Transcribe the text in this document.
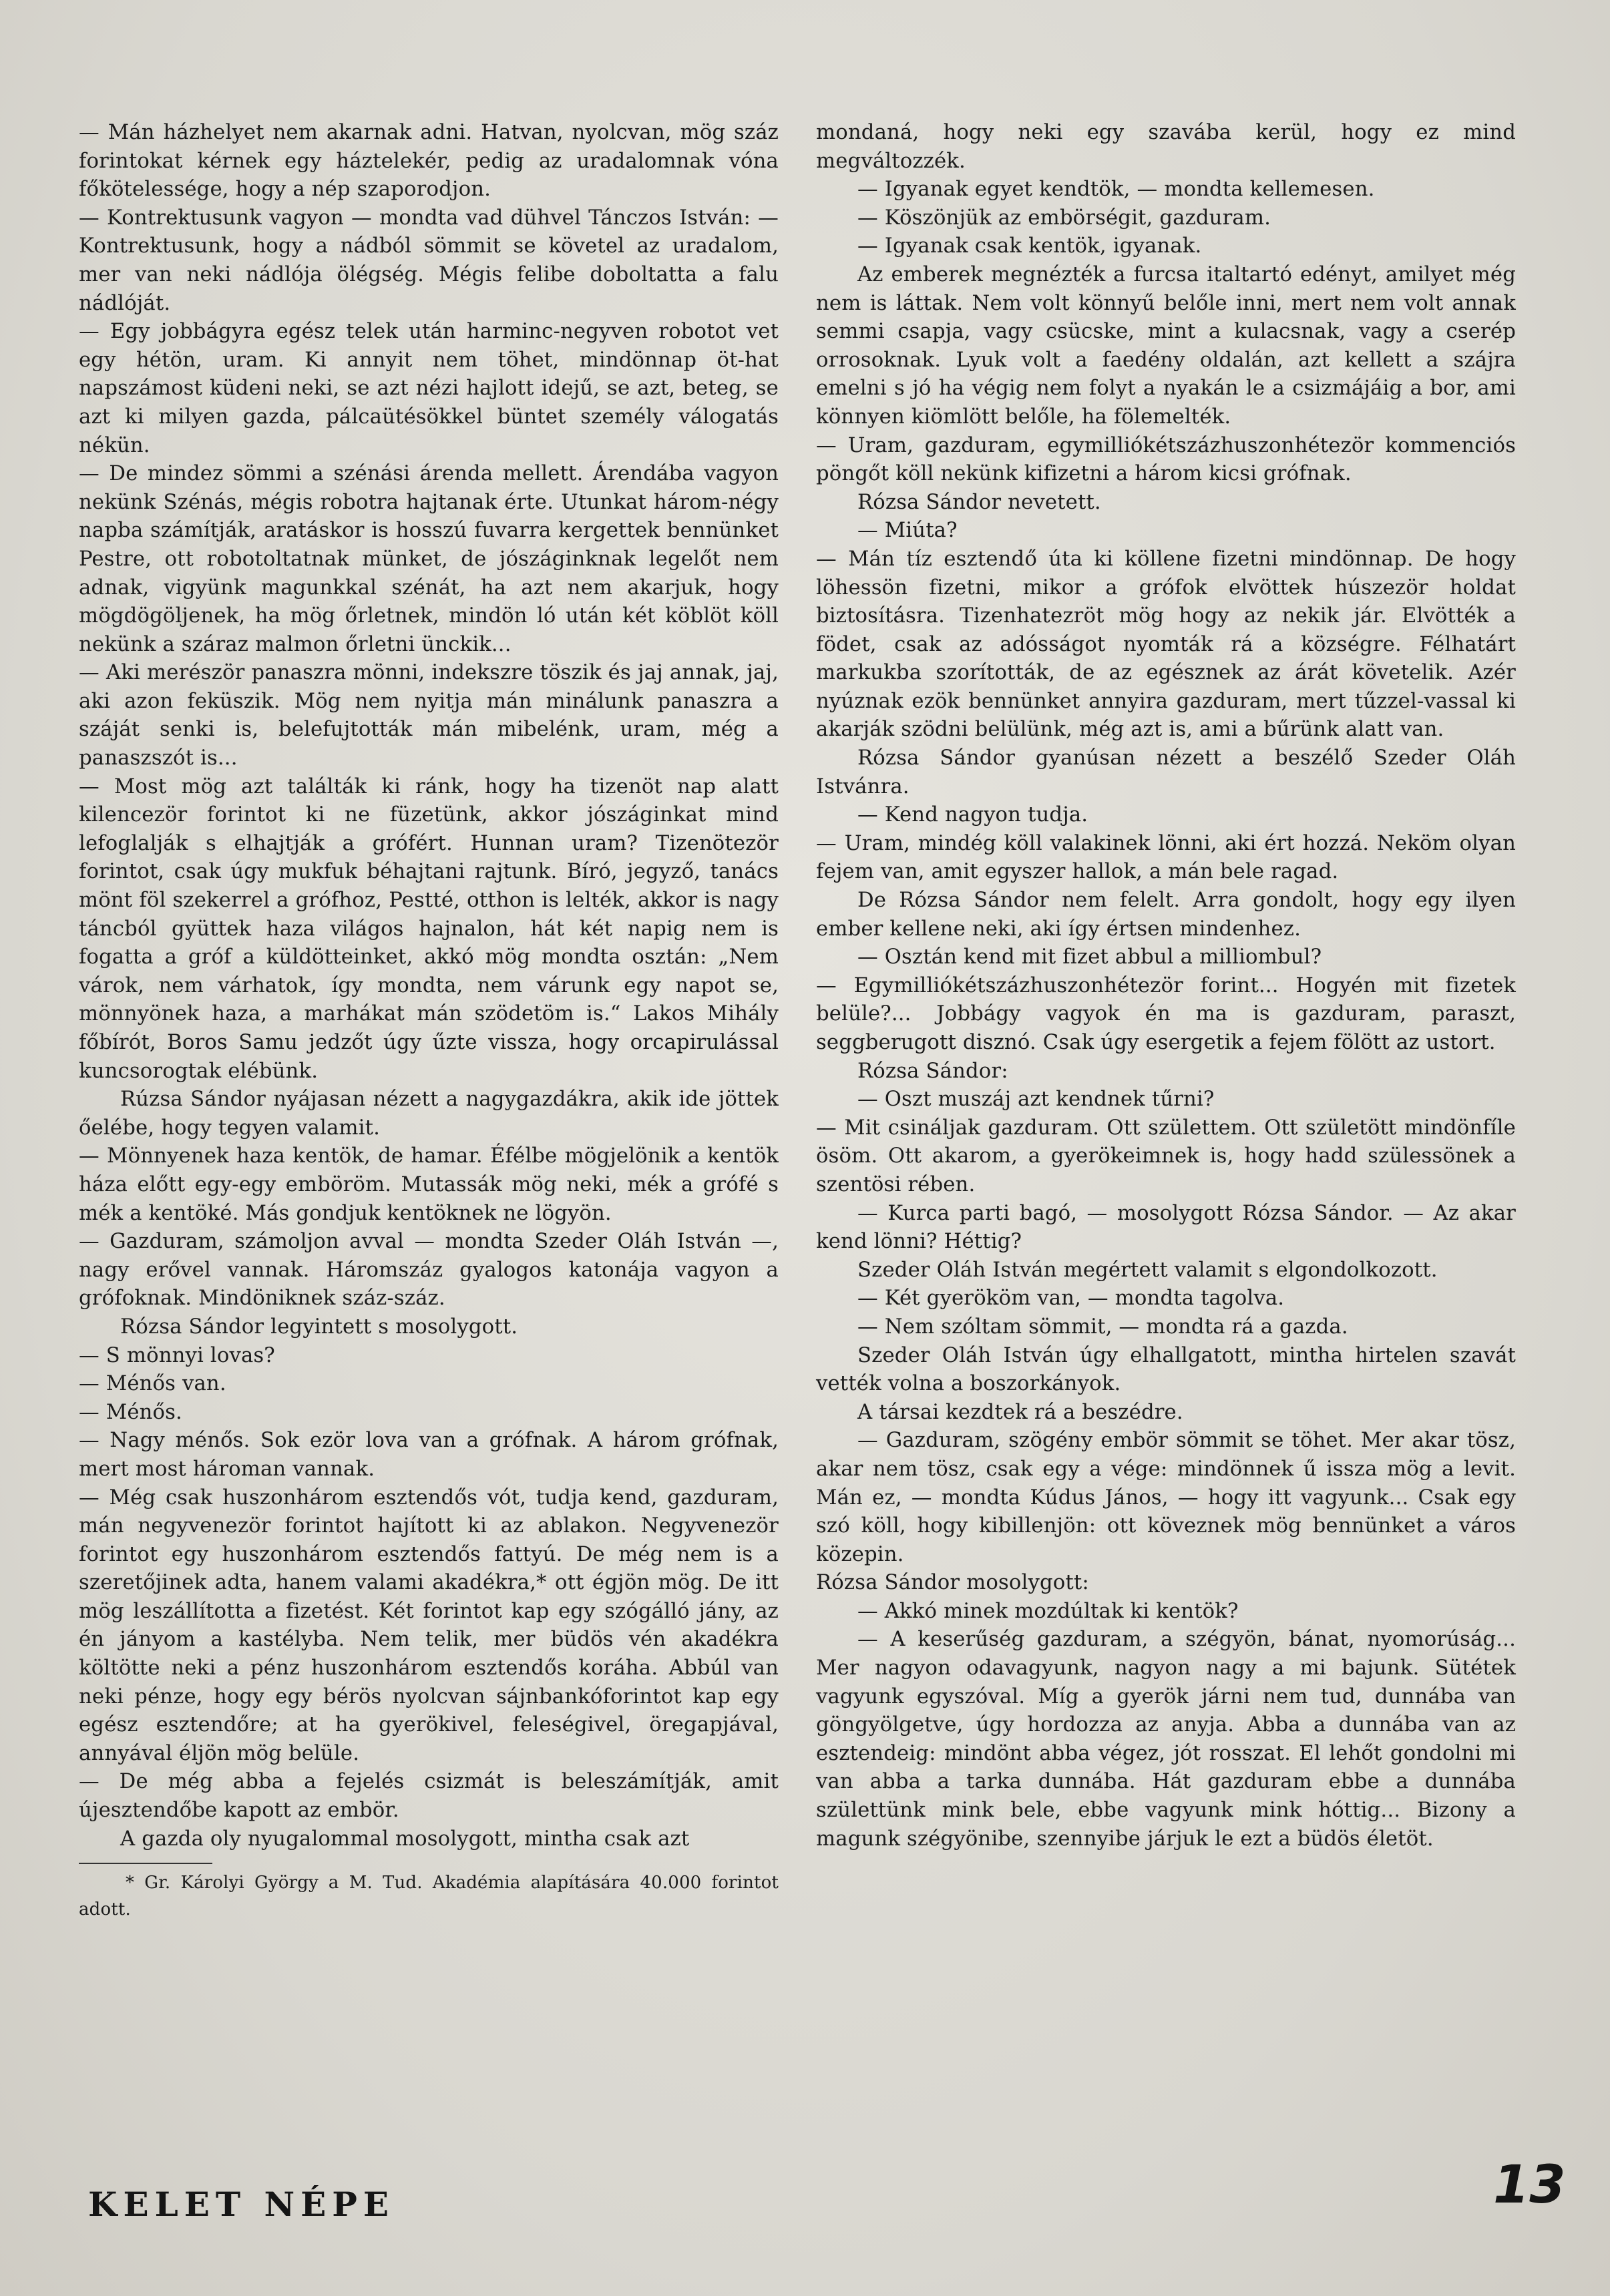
— Mán házhelyet nem akarnak adni. Hatvan, nyolcvan, mög száz forintokat kérnek egy háztelekér, pedig az uradalomnak vóna főkötelessége, hogy a nép szaporodjon.

— Kontrektusunk vagyon — mondta vad dühvel Tánczos István: — Kontrektusunk, hogy a nádból sömmit se követel az uradalom, mer van neki nádlója ölégség. Mégis felibe doboltatta a falu nádlóját.

— Egy jobbágyra egész telek után harminc-negyven robotot vet egy hétön, uram. Ki annyit nem töhet, mindönnap öt-hat napszámost küdeni neki, se azt nézi hajlott idejű, se azt, beteg, se azt ki milyen gazda, pálcaütésökkel büntet személy válogatás nékün.

— De mindez sömmi a szénási árenda mellett. Árendába vagyon nekünk Szénás, mégis robotra hajtanak érte. Utunkat három-négy napba számítják, aratáskor is hosszú fuvarra kergettek bennünket Pestre, ott robotoltatnak münket, de jószáginknak legelőt nem adnak, vigyünk magunkkal szénát, ha azt nem akarjuk, hogy mögdögöljenek, ha mög őrletnek, mindön ló után két köblöt köll nekünk a száraz malmon őrletni ünckik...

— Aki meréször panaszra mönni, indekszre töszik és jaj annak, jaj, aki azon feküszik. Mög nem nyitja mán minálunk panaszra a száját senki is, belefujtották mán mibelénk, uram, még a panaszszót is...

— Most mög azt találták ki ránk, hogy ha tizenöt nap alatt kilencezör forintot ki ne füzetünk, akkor jószáginkat mind lefoglalják s elhajtják a grófért. Hunnan uram? Tizenötezör forintot, csak úgy mukfuk béhajtani rajtunk. Bíró, jegyző, tanács mönt föl szekerrel a grófhoz, Pestté, otthon is lelték, akkor is nagy táncból gyüttek haza világos hajnalon, hát két napig nem is fogatta a gróf a küldötteinket, akkó mög mondta osztán: „Nem várok, nem várhatok, így mondta, nem várunk egy napot se, mönnyönek haza, a marhákat mán szödetöm is.“ Lakos Mihály főbírót, Boros Samu jedzőt úgy űzte vissza, hogy orcapirulással kuncsorogtak elébünk.

Rúzsa Sándor nyájasan nézett a nagygazdákra, akik ide jöttek őelébe, hogy tegyen valamit.

— Mönnyenek haza kentök, de hamar. Éfélbe mögjelönik a kentök háza előtt egy-egy emböröm. Mutassák mög neki, mék a grófé s mék a kentöké. Más gondjuk kentöknek ne lögyön.

— Gazduram, számoljon avval — mondta Szeder Oláh István —, nagy erővel vannak. Háromszáz gyalogos katonája vagyon a grófoknak. Mindöniknek száz-száz.

Rózsa Sándor legyintett s mosolygott.

— S mönnyi lovas?

— Ménős van.

— Ménős.

— Nagy ménős. Sok ezör lova van a grófnak. A három grófnak, mert most hároman vannak.

— Még csak huszonhárom esztendős vót, tudja kend, gazduram, mán negyvenezör forintot hajított ki az ablakon. Negyvenezör forintot egy huszonhárom esztendős fattyú. De még nem is a szeretőjinek adta, hanem valami akadékra,* ott égjön mög. De itt mög leszállította a fizetést. Két forintot kap egy szógálló jány, az én jányom a kastélyba. Nem telik, mer büdös vén akadékra költötte neki a pénz huszonhárom esztendős koráha. Abbúl van neki pénze, hogy egy bérös nyolcvan sájnbankóforintot kap egy egész esztendőre; at ha gyerökivel, feleségivel, öregapjával, annyával éljön mög belüle.

— De még abba a fejelés csizmát is beleszámítják, amit újesztendőbe kapott az embör.

A gazda oly nyugalommal mosolygott, mintha csak azt

* Gr. Károlyi György a M. Tud. Akadémia alapítására 40.000 forintot adott.

mondaná, hogy neki egy szavába kerül, hogy ez mind megváltozzék.

— Igyanak egyet kendtök, — mondta kellemesen.

— Köszönjük az embörségit, gazduram.

— Igyanak csak kentök, igyanak.

Az emberek megnézték a furcsa italtartó edényt, amilyet még nem is láttak. Nem volt könnyű belőle inni, mert nem volt annak semmi csapja, vagy csücske, mint a kulacsnak, vagy a cserép orrosoknak. Lyuk volt a faedény oldalán, azt kellett a szájra emelni s jó ha végig nem folyt a nyakán le a csizmájáig a bor, ami könnyen kiömlött belőle, ha fölemelték.

— Uram, gazduram, egymilliókétszázhuszonhétezör kommenciós pöngőt köll nekünk kifizetni a három kicsi grófnak.

Rózsa Sándor nevetett.

— Miúta?

— Mán tíz esztendő úta ki köllene fizetni mindönnap. De hogy löhessön fizetni, mikor a grófok elvöttek húszezör holdat biztosításra. Tizenhatezröt mög hogy az nekik jár. Elvötték a födet, csak az adósságot nyomták rá a községre. Félhatárt markukba szorították, de az egésznek az árát követelik. Azér nyúznak ezök bennünket annyira gazduram, mert tűzzel-vassal ki akarják szödni belülünk, még azt is, ami a bűrünk alatt van.

Rózsa Sándor gyanúsan nézett a beszélő Szeder Oláh Istvánra.

— Kend nagyon tudja.

— Uram, mindég köll valakinek lönni, aki ért hozzá. Neköm olyan fejem van, amit egyszer hallok, a mán bele ragad.

De Rózsa Sándor nem felelt. Arra gondolt, hogy egy ilyen ember kellene neki, aki így értsen mindenhez.

— Osztán kend mit fizet abbul a milliombul?

— Egymilliókétszázhuszonhétezör forint... Hogyén mit fizetek belüle?... Jobbágy vagyok én ma is gazduram, paraszt, seggberugott disznó. Csak úgy esergetik a fejem fölött az ustort.

Rózsa Sándor:

— Oszt muszáj azt kendnek tűrni?

— Mit csináljak gazduram. Ott születtem. Ott születött mindönfíle ösöm. Ott akarom, a gyerökeimnek is, hogy hadd szülessönek a szentösi rében.

— Kurca parti bagó, — mosolygott Rózsa Sándor. — Az akar kend lönni? Héttig?

Szeder Oláh István megértett valamit s elgondolkozott.

— Két gyerököm van, — mondta tagolva.

— Nem szóltam sömmit, — mondta rá a gazda.

Szeder Oláh István úgy elhallgatott, mintha hirtelen szavát vették volna a boszorkányok.

A társai kezdtek rá a beszédre.

— Gazduram, szögény embör sömmit se töhet. Mer akar tösz, akar nem tösz, csak egy a vége: mindönnek ű issza mög a levit. Mán ez, — mondta Kúdus János, — hogy itt vagyunk... Csak egy szó köll, hogy kibillenjön: ott köveznek mög bennünket a város közepin.

Rózsa Sándor mosolygott:

— Akkó minek mozdúltak ki kentök?

— A keserűség gazduram, a szégyön, bánat, nyomorúság... Mer nagyon odavagyunk, nagyon nagy a mi bajunk. Sütétek vagyunk egyszóval. Míg a gyerök járni nem tud, dunnába van göngyölgetve, úgy hordozza az anyja. Abba a dunnába van az esztendeig: mindönt abba végez, jót rosszat. El lehőt gondolni mi van abba a tarka dunnába. Hát gazduram ebbe a dunnába születtünk mink bele, ebbe vagyunk mink hóttig... Bizony a magunk szégyönibe, szennyibe járjuk le ezt a büdös életöt.

KELET NÉPE	13
